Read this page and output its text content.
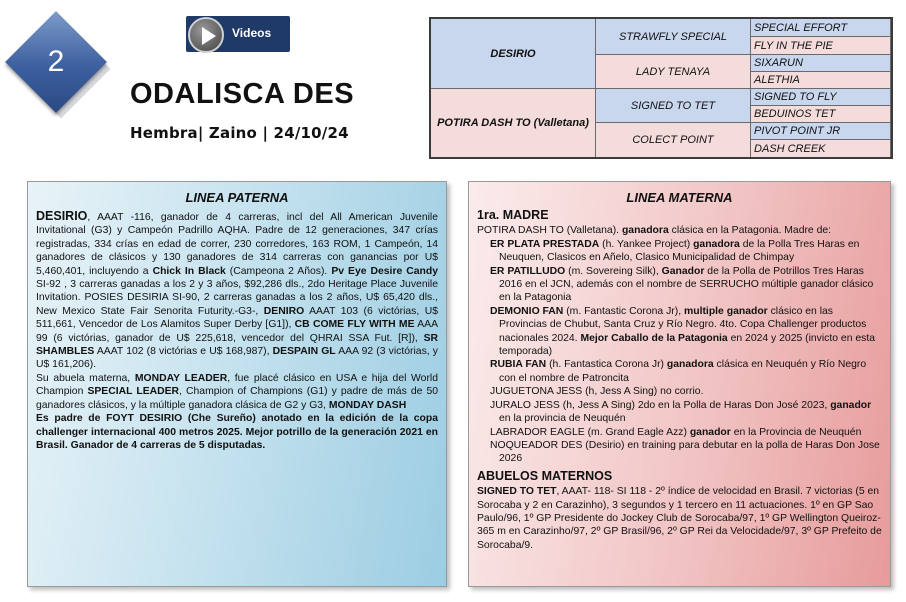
2
Videos
ODALISCA DES
Hembra| Zaino | 24/10/24
DESIRIO
POTIRA DASH TO (Valletana)
STRAWFLY SPECIAL
LADY TENAYA
SIGNED TO TET
COLECT POINT
SPECIAL EFFORT
FLY IN THE PIE
SIXARUN
ALETHIA
SIGNED TO FLY
BEDUINOS TET
PIVOT POINT JR
DASH CREEK
LINEA PATERNA

DESIRIO, AAAT -116, ganador de 4 carreras, incl del All American Juvenile Invitational (G3) y Campeón Padrillo AQHA. Padre de 12 generaciones, 347 crías registradas, 334 crías en edad de correr, 230 corredores, 163 ROM, 1 Campeón, 14 ganadores de clásicos y 130 ganadores de 314 carreras con ganancias por U$ 5,460,401, incluyendo a Chick In Black (Campeona 2 Años). Pv Eye Desire Candy SI-92 , 3 carreras ganadas a los 2 y 3 años, $92,286 dls., 2do Heritage Place Juvenile Invitation. POSIES DESIRIA SI-90, 2 carreras ganadas a los 2 años, U$ 65,420 dls., New Mexico State Fair Senorita Futurity.-G3-, DENIRO AAAT 103 (6 victórias, U$ 511,661, Vencedor de Los Alamitos Super Derby [G1]), CB COME FLY WITH ME AAA 99 (6 victórias, ganador de U$ 225,618, vencedor del QHRAI SSA Fut. [R]), SR SHAMBLES AAAT 102 (8 victórias e U$ 168,987), DESPAIN GL AAA 92 (3 victórias, y U$ 161,206).

Su abuela materna, MONDAY LEADER, fue placé clásico en USA e hija del World Champion SPECIAL LEADER, Champion of Champions (G1) y padre de más de 50 ganadores clásicos, y la múltiple ganadora clásica de G2 y G3, MONDAY DASH

Es padre de FOYT DESIRIO (Che Sureño) anotado en la edición de la copa challenger internacional 400 metros 2025. Mejor potrillo de la generación 2021 en Brasil. Ganador de 4 carreras de 5 disputadas.

LINEA MATERNA
1ra. MADRE

POTIRA DASH TO (Valletana). ganadora clásica en la Patagonia. Madre de:

ER PLATA PRESTADA (h. Yankee Project) ganadora de la Polla Tres Haras en Neuquen, Clasicos en Añelo, Clasico Municipalidad de Chimpay

ER PATILLUDO (m. Sovereing Silk), Ganador de la Polla de Potrillos Tres Haras 2016 en el JCN, además con el nombre de SERRUCHO múltiple ganador clásico en la Patagonia

DEMONIO FAN (m. Fantastic Corona Jr), multiple ganador clásico en las Provincias de Chubut, Santa Cruz y Río Negro. 4to. Copa Challenger productos nacionales 2024. Mejor Caballo de la Patagonia en 2024 y 2025 (invicto en esta temporada)

RUBIA FAN (h. Fantastica Corona Jr) ganadora clásica en Neuquén y Río Negro con el nombre de Patroncita

JUGUETONA JESS (h, Jess A Sing) no corrio.

JURALO JESS (h, Jess A Sing) 2do en la Polla de Haras Don José 2023, ganador en la provincia de Neuquén

LABRADOR EAGLE (m. Grand Eagle Azz) ganador en la Provincia de Neuquén

NOQUEADOR DES (Desirio) en training para debutar en la polla de Haras Don Jose 2026

ABUELOS MATERNOS

SIGNED TO TET, AAAT- 118- SI 118 - 2º índice de velocidad en Brasil. 7 victorias (5 en Sorocaba y 2 en Carazinho), 3 segundos y 1 tercero en 11 actuaciones. 1º en GP Sao Paulo/96, 1º GP Presidente do Jockey Club de Sorocaba/97, 1º GP Wellington Queiroz-365 m en Carazinho/97, 2º GP Brasil/96, 2º GP Rei da Velocidade/97, 3º GP Prefeito de Sorocaba/9.
